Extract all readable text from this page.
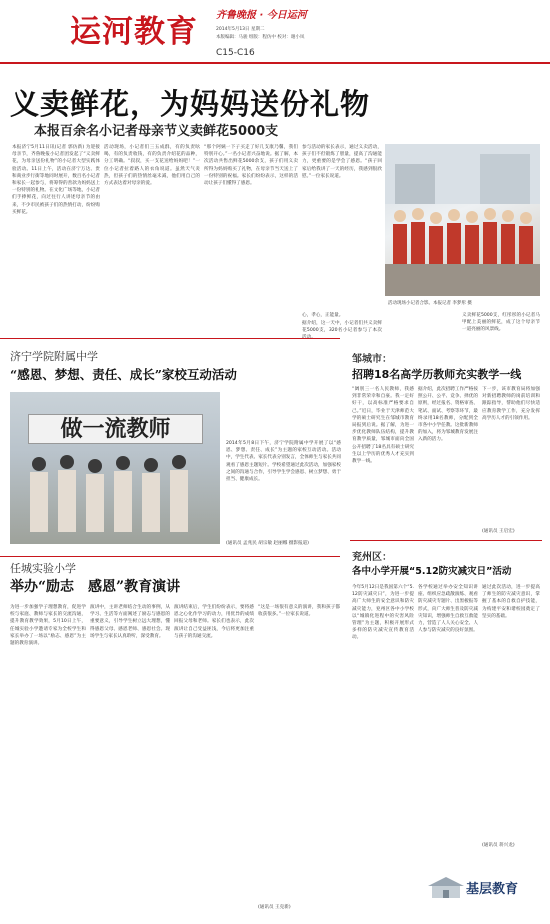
运河教育 齐鲁晚报 · 今日运河
2014年5月13日 星期二
本版编辑：马骏 组版：程仿中 校对：谢小凤
C15-C16
义卖鲜花，为妈妈送份礼物
本报百余名小记者母亲节义卖鲜花5000支
本报济宁5月11日讯(记者 郭仿新) 为迎接母亲节，齐鲁晚报小记者团发起了“义卖鲜花，为母亲送份礼物”的小记者大型实践体验活动。11日上午，活动在济宁万达、贵和商业步行街等地同时展开，数百名小记者和家长一起参与，将筹得的善款为妈妈送上一份特别的礼物。在文化广场等地，小记者们手捧鲜花，向过往行人讲述母亲节的由来，不少市民被孩子们的热情打动，纷纷购买鲜花。
活动现场，小记者们三五成群，有的负责吆喝，有的负责收钱，有的负责介绍花的品种，分工明确。“叔叔，买一支花送给妈妈吧！”一位小记者拉着路人的衣角说道。虽然天气炎热，但孩子们的热情丝毫未减，他们用自己的方式表达着对母亲的爱。
“那个阿姨一下子买走了好几支康乃馨，我们特别开心。”一名小记者兴奋地说。据了解，本次活动共售出鲜花5000余支，孩子们用义卖所得为妈妈购买了礼物，在母亲节当天送上了一份特别的祝福。家长们纷纷表示，这样的活动让孩子们懂得了感恩。
参与活动的家长表示，通过义卖活动，孩子们不但锻炼了胆量，提高了沟通能力，更重要的是学会了感恩。“孩子回家后给我讲了一天的经历，我感到很欣慰。”一位家长说道。
活动现场小记者合影。本报记者 李梦彤 摄
心，孝心，正能量。
据介绍，这一天中，小记者们共义卖鲜花5000支，320名小记者参与了本次
义卖鲜花5000支，红彤彤的小记者马甲配上美丽的鲜花，成了这个母亲节一道亮丽的风景线。
济宁学院附属中学
“感恩、梦想、责任、成长”家校互动活动
做一流教师
2014年5月8日下午，济宁学院附属中学开展了以“感恩、梦想、责任、成长”为主题的家校互动活动。活动中，学生代表、家长代表分别发言，全体师生与家长共同观看了感恩主题短片。学校希望通过此次活动，加强家校之间的沟通与合作，引导学生学会感恩、树立梦想、勇于担当、健康成长。
(通讯员 孟兆民 胡宗敏 赵丽娜 摄影报道)
任城实验小学
举办“励志　感恩”教育演讲
为进一步加强学子理想教育，促进学校与家庭、教师与家长的交流沟通，提升教育教学效果，5月10日上午，任城实验小学邀请专家为全校学生和家长举办了一场以“励志、感恩”为主题的教育演讲。
演讲中，主讲老师结合生动的事例，从学习、生活等方面阐述了励志与感恩的重要意义，引导学生树立远大理想，懂得感恩父母、感恩老师、感恩社会。现场学生与家长认真聆听，深受教育。
演讲结束后，学生们纷纷表示，要将感恩之心化作学习的动力，用优异的成绩回报父母和老师。家长们也表示，此次演讲让自己受益匪浅，今后将更加注重与孩子的沟通交流。
“这是一场很有意义的演讲，我和孩子都收获很多。”一位家长说道。
(通讯员 王克新)
邹城市：
招聘18名高学历教师充实教学一线
“阔别三一名人民教师，我感到非常荣幸和自豪。我一定好好干，以高标准严格要求自己。”近日，毕业于天津师范大学的硕士研究生在邹城市教育局报到后说。据了解，为进一步优化教师队伍结构，提升教育教学质量，邹城市面向全国公开招聘了18名具有硕士研究生以上学历的优秀人才充实到教学一线。
据介绍，此次招聘工作严格按照公开、公平、竞争、择优的原则，经过报名、资格审查、笔试、面试、考察等环节，最终录用18名教师，分配到全市各中小学任教。这批新教师的加入，将为邹城教育发展注入新的活力。
下一步，该市教育局将加强对新招聘教师的岗前培训和跟踪指导，帮助他们尽快适应教育教学工作，充分发挥高学历人才的引领作用。
(通讯员 王启宏)
兖州区：
各中小学开展“5.12防灾减灾日”活动
今年5月12日是我国第六个“5.12防灾减灾日”，为进一步提高广大师生的安全意识和防灾减灾能力，兖州区各中小学校以“城镇化进程中的灾害风险管理”为主题，积极开展形式多样的防灾减灾宣传教育活动。
各学校通过举办安全知识讲座、组织应急疏散演练、观看防灾减灾专题片、出黑板报等形式，向广大师生普及防灾减灾知识，增强师生自救互救能力，营造了人人关心安全、人人参与防灾减灾的良好氛围。
通过此次活动，进一步提高了师生的防灾减灾意识，掌握了基本的自救自护技能，为构建平安和谐校园奠定了坚实的基础。
(通讯员 蒋兴龙)
基层教育
